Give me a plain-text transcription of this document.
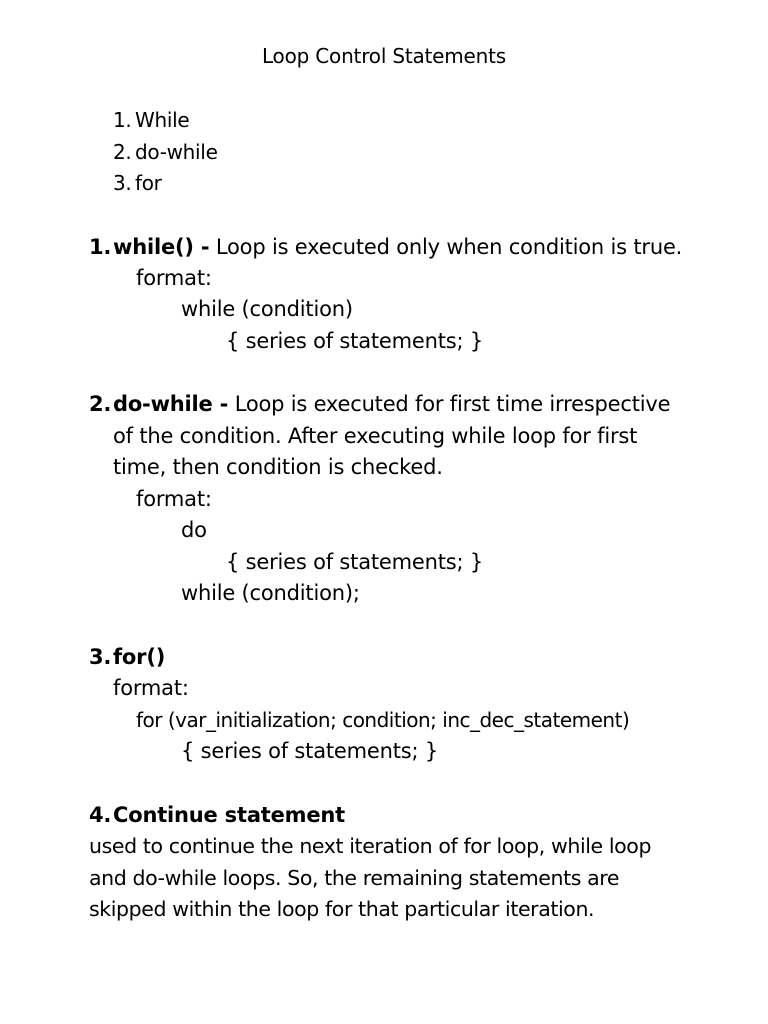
Loop Control Statements
1. While
2. do-while
3. for
1.while() - Loop is executed only when condition is true.
format:
while (condition)
{ series of statements; }
2.do-while - Loop is executed for first time irrespective
of the condition. After executing while loop for first
time, then condition is checked.
format:
do
{ series of statements; }
while (condition);
3.for()
format:
for (var_initialization; condition; inc_dec_statement)
{ series of statements; }
4.Continue statement
used to continue the next iteration of for loop, while loop
and do-while loops. So, the remaining statements are
skipped within the loop for that particular iteration.
